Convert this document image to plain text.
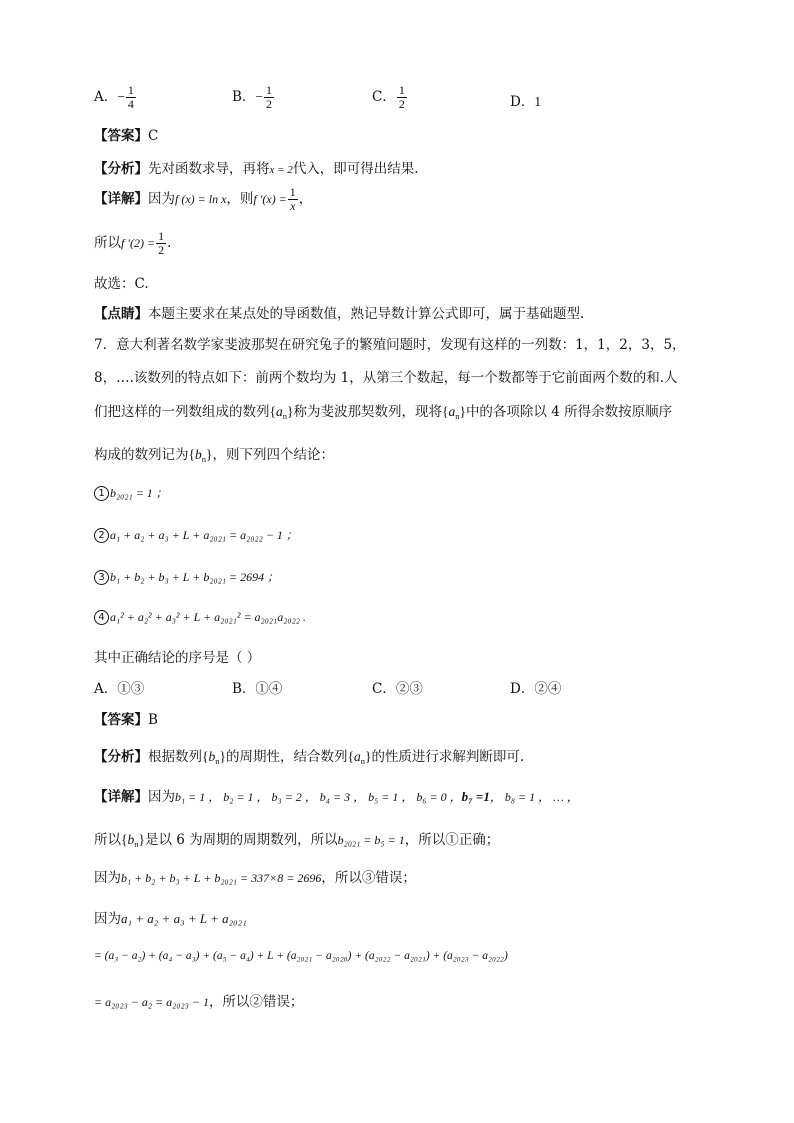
A．− $\frac{1}{4}$	B．− $\frac{1}{2}$	C． $\frac{1}{2}$	D．1
【答案】C
【分析】先对函数求导，再将x = 2代入，即可得出结果.
【详解】因为f (x) = ln x，则f $'(x) = \frac{1}{x}$ ，
所以f $'(2) = \frac{1}{2}$ .
故选：C.
【点睛】本题主要求在某点处的导函数值，熟记导数计算公式即可，属于基础题型.
7．意大利著名数学家斐波那契在研究兔子的繁殖问题时，发现有这样的一列数：1，1，2，3，5，
8，….该数列的特点如下：前两个数均为 1，从第三个数起，每一个数都等于它前面两个数的和.人
们把这样的一列数组成的数列$\{a_n\}$称为斐波那契数列，现将$\{a_n\}$中的各项除以 4 所得余数按原顺序
构成的数列记为$\{b_n\}$，则下列四个结论：
1 b₂₀₂₁ = 1 ；
2 a₁ + a₂ + a₃ + L + a₂₀₂₁ = a₂₀₂₂ − 1 ；
3 b₁ + b₂ + b₃ + L + b₂₀₂₁ = 2694 ；
4 a₁² + a₂² + a₃² + L + a₂₀₂₁² = a₂₀₂₁a₂₀₂₂ .
其中正确结论的序号是（ ）
A．①③	B．①④	C．②③	D．②④
【答案】B
【分析】根据数列$\{b_n\}$的周期性，结合数列$\{a_n\}$的性质进行求解判断即可.
【详解】因为b₁ = 1 ， b₂ = 1 ， b₃ = 2 ， b₄ = 3 ， b₅ = 1 ， b₆ = 0 ，b₇ =1， b₈ = 1 ， … ，
所以$\{b_n\}$是以 6 为周期的周期数列，所以b₂₀₂₁ = b₅ = 1，所以①正确；
因为b₁ + b₂ + b₃ + L + b₂₀₂₁ = 337×8 = 2696，所以③错误；
因为a₁ + a₂ + a₃ + L + a₂₀₂₁
= (a₃ − a₂) + (a₄ − a₃) + (a₅ − a₄) + L + (a₂₀₂₁ − a₂₀₂₀) + (a₂₀₂₂ − a₂₀₂₁) + (a₂₀₂₃ − a₂₀₂₂)
= a₂₀₂₃ − a₂ = a₂₀₂₃ − 1，所以②错误；
